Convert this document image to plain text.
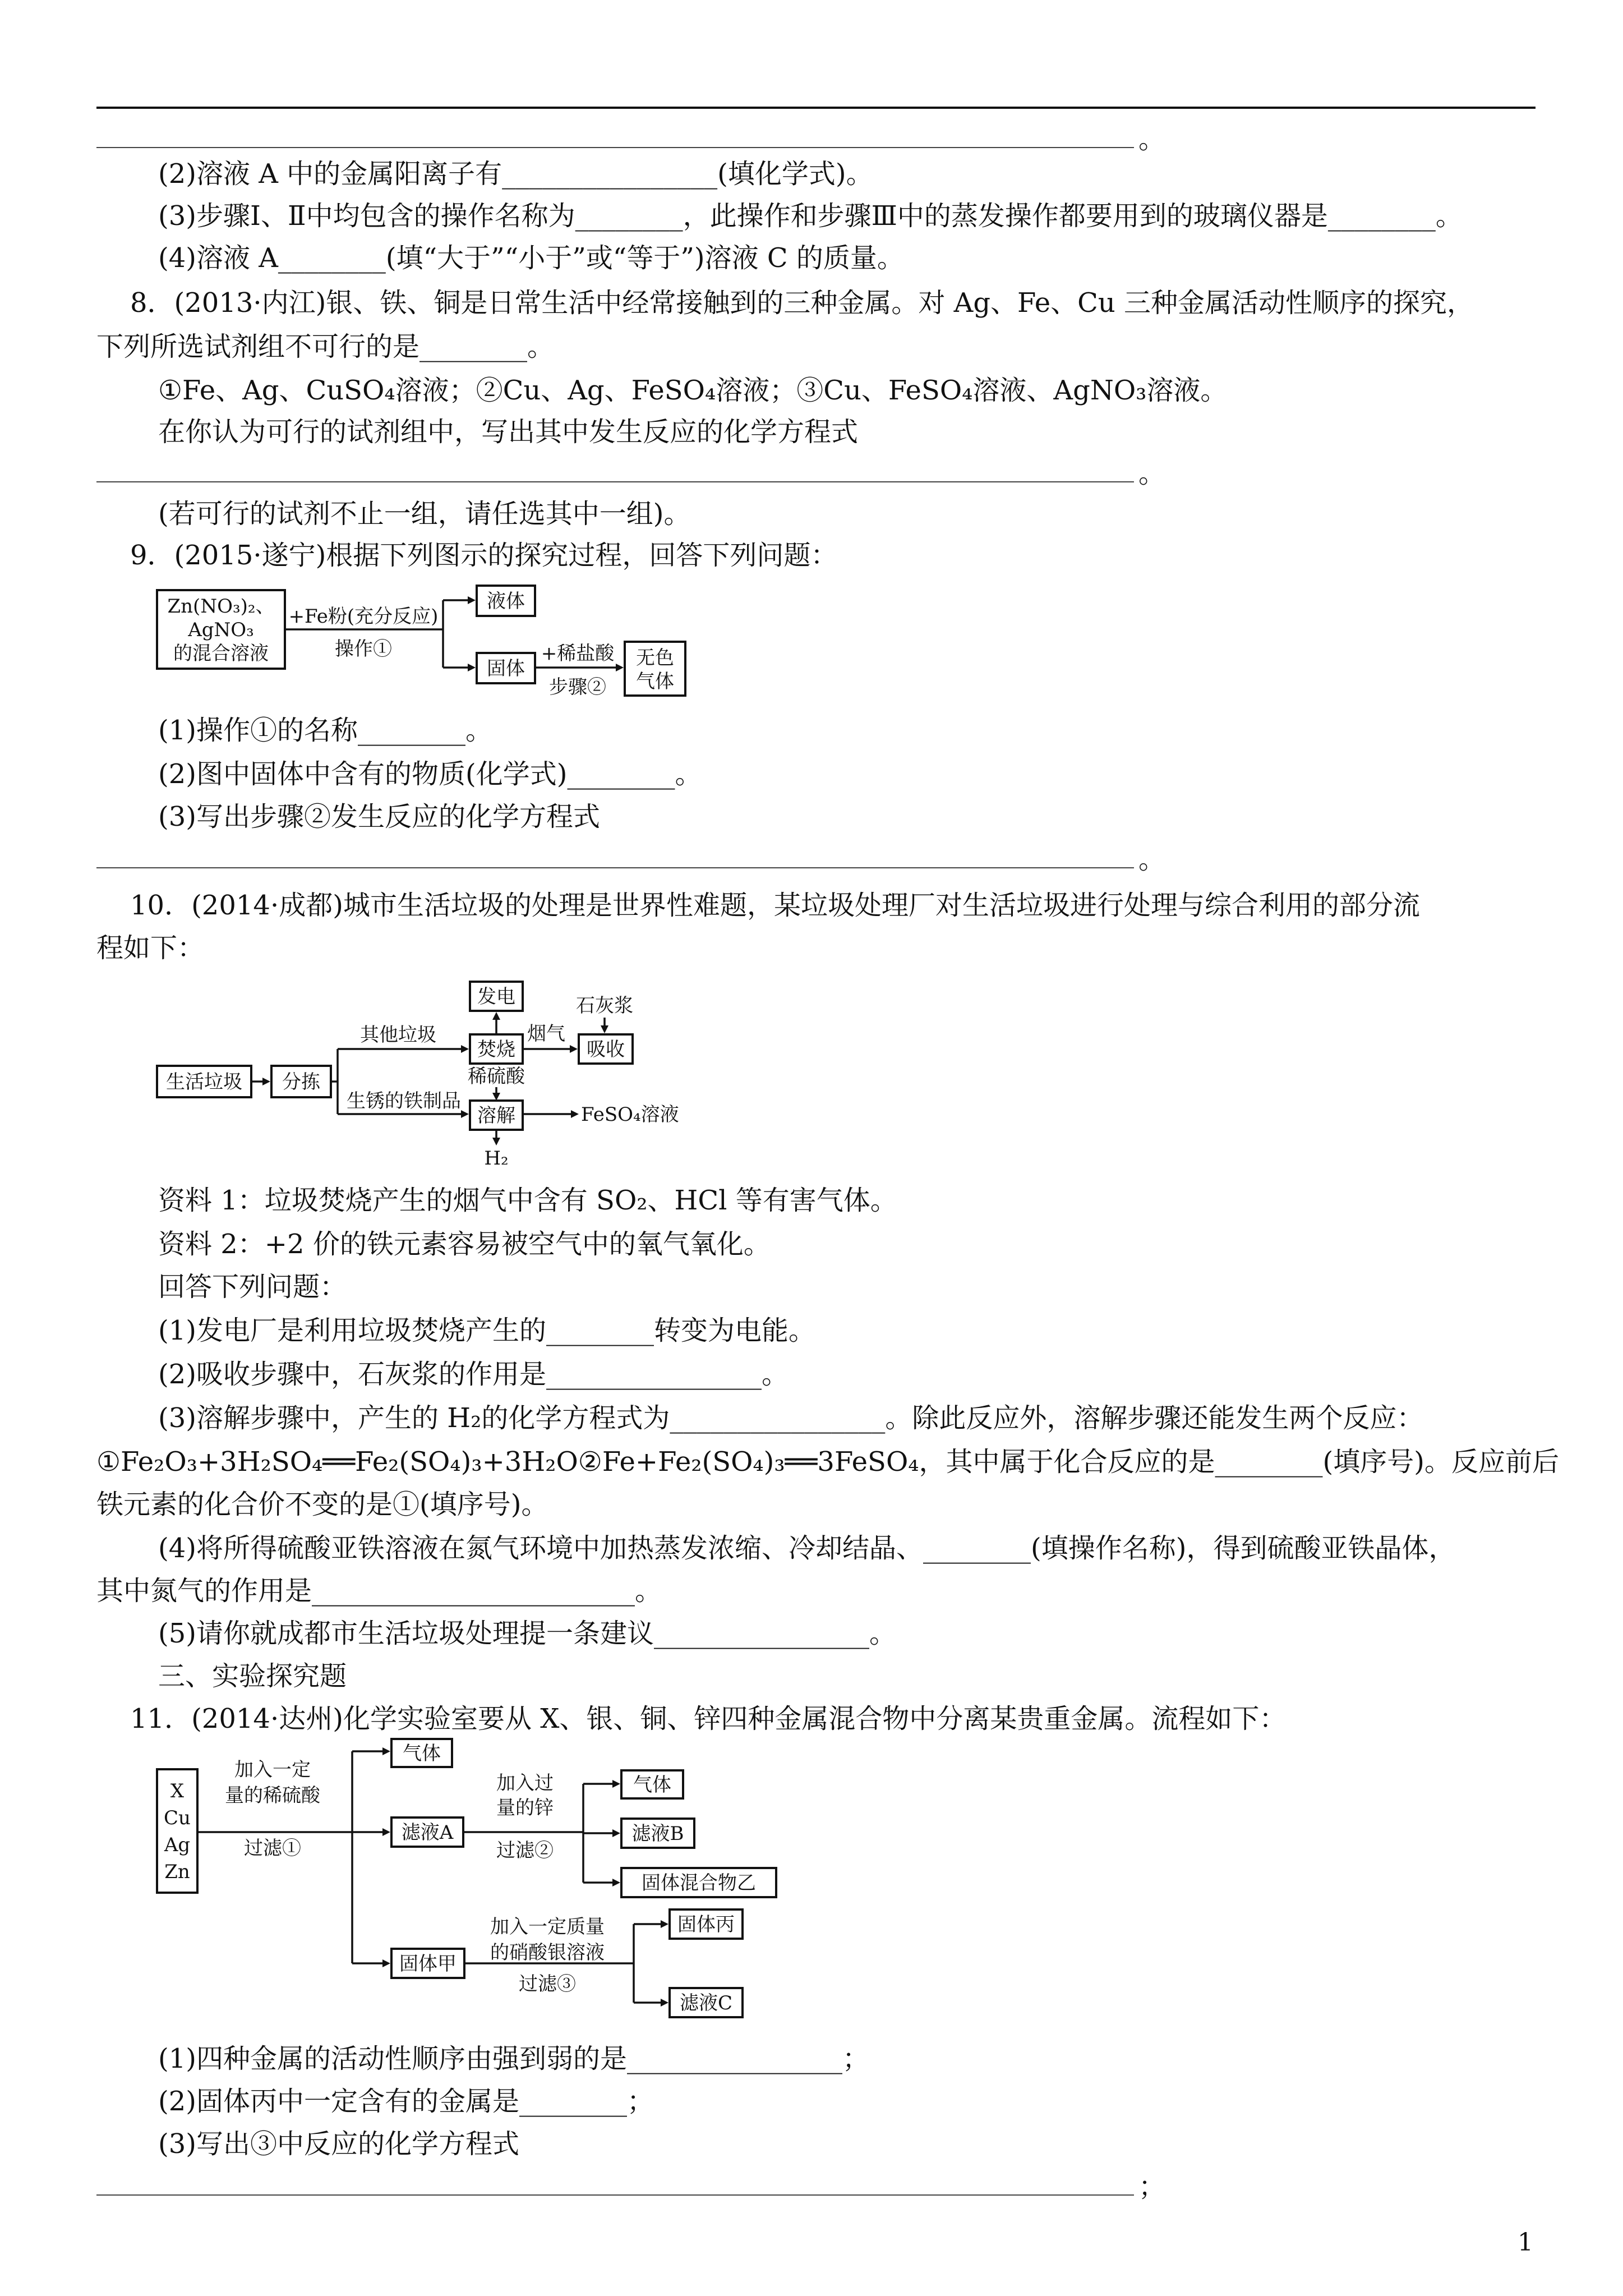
。
(2)溶液 A 中的金属阳离子有________________(填化学式)。
(3)步骤Ⅰ、Ⅱ中均包含的操作名称为________，此操作和步骤Ⅲ中的蒸发操作都要用到的玻璃仪器是________。
(4)溶液 A________(填“大于”“小于”或“等于”)溶液 C 的质量。
8．(2013·内江)银、铁、铜是日常生活中经常接触到的三种金属。对 Ag、Fe、Cu 三种金属活动性顺序的探究，
下列所选试剂组不可行的是________。
①Fe、Ag、CuSO₄溶液；②Cu、Ag、FeSO₄溶液；③Cu、FeSO₄溶液、AgNO₃溶液。
在你认为可行的试剂组中，写出其中发生反应的化学方程式
。
(若可行的试剂不止一组，请任选其中一组)。
9．(2015·遂宁)根据下列图示的探究过程，回答下列问题：
Zn(NO₃)₂、
AgNO₃
的混合溶液
+Fe粉(充分反应)
操作①
液体
固体
+稀盐酸
步骤②
无色
气体
(1)操作①的名称________。
(2)图中固体中含有的物质(化学式)________。
(3)写出步骤②发生反应的化学方程式
。
10．(2014·成都)城市生活垃圾的处理是世界性难题，某垃圾处理厂对生活垃圾进行处理与综合利用的部分流
程如下：
生活垃圾 分拣
其他垃圾
发电
焚烧
烟气
石灰浆
吸收
稀硫酸
生锈的铁制品
溶解	FeSO₄溶液
H₂
资料 1：垃圾焚烧产生的烟气中含有 SO₂、HCl 等有害气体。
资料 2：+2 价的铁元素容易被空气中的氧气氧化。
回答下列问题：
(1)发电厂是利用垃圾焚烧产生的________转变为电能。
(2)吸收步骤中，石灰浆的作用是________________。
(3)溶解步骤中，产生的 H₂的化学方程式为________________。除此反应外，溶解步骤还能发生两个反应：
①Fe₂O₃+3H₂SO₄══Fe₂(SO₄)₃+3H₂O②Fe+Fe₂(SO₄)₃══3FeSO₄，其中属于化合反应的是________(填序号)。反应前后
铁元素的化合价不变的是①(填序号)。
(4)将所得硫酸亚铁溶液在氮气环境中加热蒸发浓缩、冷却结晶、________(填操作名称)，得到硫酸亚铁晶体，
其中氮气的作用是________________________。
(5)请你就成都市生活垃圾处理提一条建议________________。
三、实验探究题
11．(2014·达州)化学实验室要从 X、银、铜、锌四种金属混合物中分离某贵重金属。流程如下：
X
Cu
Ag
Zn
加入一定
量的稀硫酸
过滤①
气体
滤液A
加入过
量的锌
过滤②
气体
滤液B
固体混合物乙
固体甲
加入一定质量
的硝酸银溶液
过滤③
固体丙
滤液C
(1)四种金属的活动性顺序由强到弱的是________________；
(2)固体丙中一定含有的金属是________；
(3)写出③中反应的化学方程式
；
1
